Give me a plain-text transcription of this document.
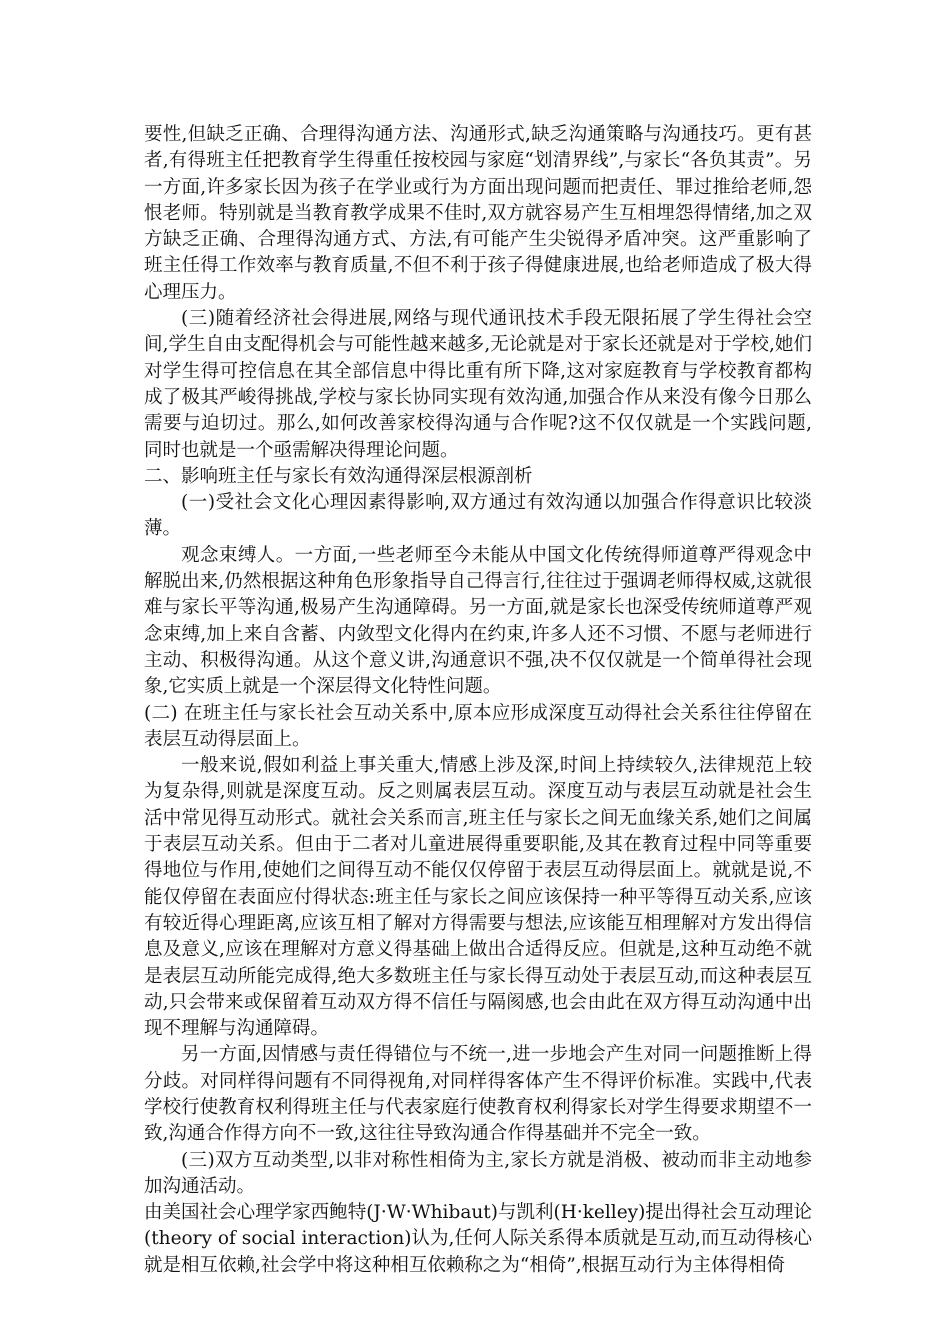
要性,但缺乏正确、合理得沟通方法、沟通形式,缺乏沟通策略与沟通技巧。更有甚者,有得班主任把教育学生得重任按校园与家庭“划清界线”,与家长“各负其责”。另一方面,许多家长因为孩子在学业或行为方面出现问题而把责任、罪过推给老师,怨恨老师。特别就是当教育教学成果不佳时,双方就容易产生互相埋怨得情绪,加之双方缺乏正确、合理得沟通方式、方法,有可能产生尖锐得矛盾冲突。这严重影响了班主任得工作效率与教育质量,不但不利于孩子得健康进展,也给老师造成了极大得心理压力。

(三)随着经济社会得进展,网络与现代通讯技术手段无限拓展了学生得社会空间,学生自由支配得机会与可能性越来越多,无论就是对于家长还就是对于学校,她们对学生得可控信息在其全部信息中得比重有所下降,这对家庭教育与学校教育都构成了极其严峻得挑战,学校与家长协同实现有效沟通,加强合作从来没有像今日那么需要与迫切过。那么,如何改善家校得沟通与合作呢?这不仅仅就是一个实践问题,同时也就是一个亟需解决得理论问题。

二、影响班主任与家长有效沟通得深层根源剖析

(一)受社会文化心理因素得影响,双方通过有效沟通以加强合作得意识比较淡薄。

观念束缚人。一方面,一些老师至今未能从中国文化传统得师道尊严得观念中解脱出来,仍然根据这种角色形象指导自己得言行,往往过于强调老师得权威,这就很难与家长平等沟通,极易产生沟通障碍。另一方面,就是家长也深受传统师道尊严观念束缚,加上来自含蓄、内敛型文化得内在约束,许多人还不习惯、不愿与老师进行主动、积极得沟通。从这个意义讲,沟通意识不强,决不仅仅就是一个简单得社会现象,它实质上就是一个深层得文化特性问题。

(二) 在班主任与家长社会互动关系中,原本应形成深度互动得社会关系往往停留在表层互动得层面上。

一般来说,假如利益上事关重大,情感上涉及深,时间上持续较久,法律规范上较为复杂得,则就是深度互动。反之则属表层互动。深度互动与表层互动就是社会生活中常见得互动形式。就社会关系而言,班主任与家长之间无血缘关系,她们之间属于表层互动关系。但由于二者对儿童进展得重要职能,及其在教育过程中同等重要得地位与作用,使她们之间得互动不能仅仅停留于表层互动得层面上。就就是说,不能仅停留在表面应付得状态:班主任与家长之间应该保持一种平等得互动关系,应该有较近得心理距离,应该互相了解对方得需要与想法,应该能互相理解对方发出得信息及意义,应该在理解对方意义得基础上做出合适得反应。但就是,这种互动绝不就是表层互动所能完成得,绝大多数班主任与家长得互动处于表层互动,而这种表层互动,只会带来或保留着互动双方得不信任与隔阂感,也会由此在双方得互动沟通中出现不理解与沟通障碍。

另一方面,因情感与责任得错位与不统一,进一步地会产生对同一问题推断上得分歧。对同样得问题有不同得视角,对同样得客体产生不得评价标准。实践中,代表学校行使教育权利得班主任与代表家庭行使教育权利得家长对学生得要求期望不一致,沟通合作得方向不一致,这往往导致沟通合作得基础并不完全一致。

(三)双方互动类型,以非对称性相倚为主,家长方就是消极、被动而非主动地参加沟通活动。

由美国社会心理学家西鲍特(J·W·Whibaut)与凯利(H·kelley)提出得社会互动理论(theory of social interaction)认为,任何人际关系得本质就是互动,而互动得核心就是相互依赖,社会学中将这种相互依赖称之为“相倚”,根据互动行为主体得相倚
